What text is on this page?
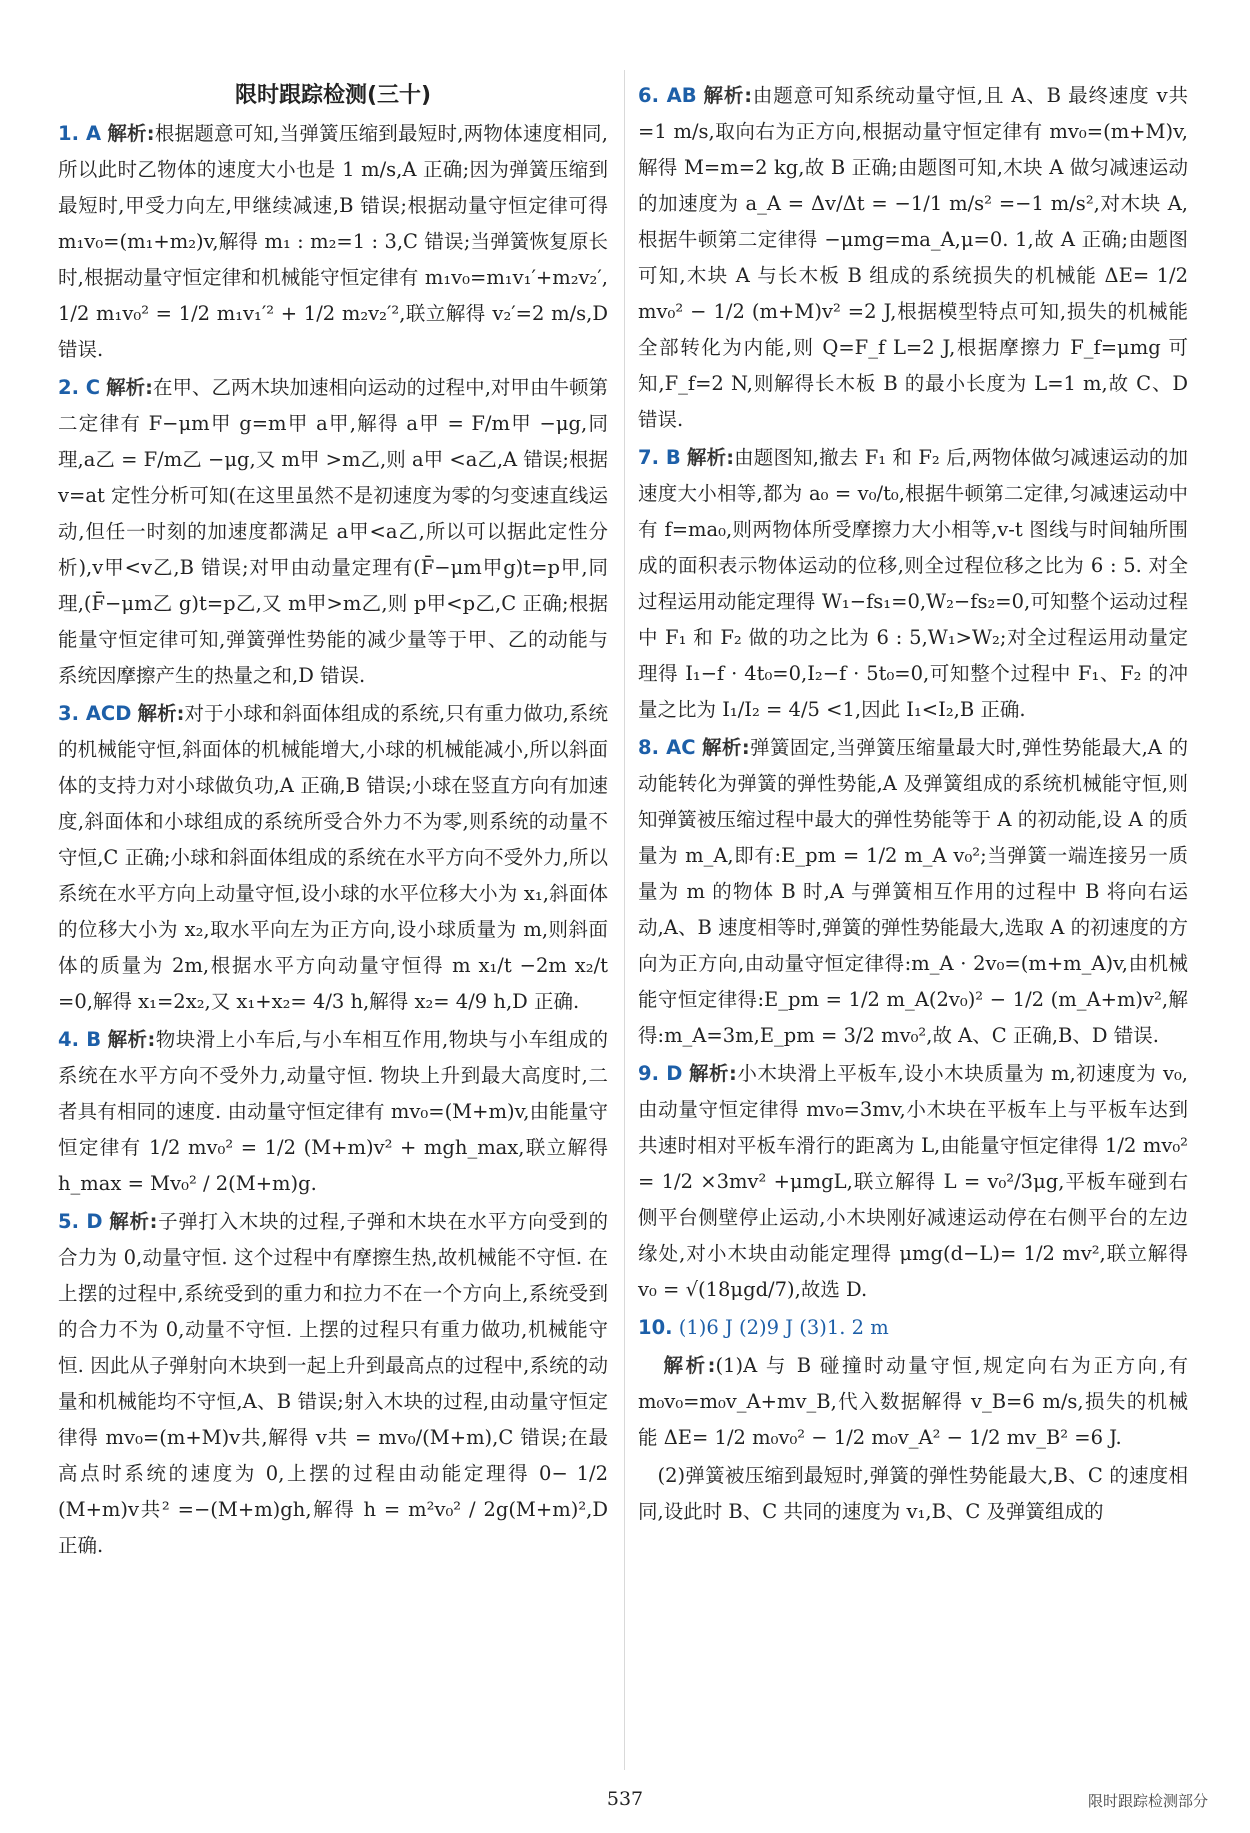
限时跟踪检测(三十)
1. A 解析:根据题意可知,当弹簧压缩到最短时,两物体速度相同,所以此时乙物体的速度大小也是 1 m/s,A 正确;因为弹簧压缩到最短时,甲受力向左,甲继续减速,B 错误;根据动量守恒定律可得 m₁v₀=(m₁+m₂)v,解得 m₁ : m₂=1 : 3,C 错误;当弹簧恢复原长时,根据动量守恒定律和机械能守恒定律有 m₁v₀=m₁v₁′+m₂v₂′, 1/2 m₁v₀² = 1/2 m₁v₁′² + 1/2 m₂v₂′²,联立解得 v₂′=2 m/s,D 错误.
2. C 解析:在甲、乙两木块加速相向运动的过程中,对甲由牛顿第二定律有 F−μm甲 g=m甲 a甲,解得 a甲 = F/m甲 −μg,同理,a乙 = F/m乙 −μg,又 m甲 >m乙,则 a甲 <a乙,A 错误;根据 v=at 定性分析可知(在这里虽然不是初速度为零的匀变速直线运动,但任一时刻的加速度都满足 a甲<a乙,所以可以据此定性分析),v甲<v乙,B 错误;对甲由动量定理有(F̄−μm甲g)t=p甲,同理,(F̄−μm乙 g)t=p乙,又 m甲>m乙,则 p甲<p乙,C 正确;根据能量守恒定律可知,弹簧弹性势能的减少量等于甲、乙的动能与系统因摩擦产生的热量之和,D 错误.
3. ACD 解析:对于小球和斜面体组成的系统,只有重力做功,系统的机械能守恒,斜面体的机械能增大,小球的机械能减小,所以斜面体的支持力对小球做负功,A 正确,B 错误;小球在竖直方向有加速度,斜面体和小球组成的系统所受合外力不为零,则系统的动量不守恒,C 正确;小球和斜面体组成的系统在水平方向不受外力,所以系统在水平方向上动量守恒,设小球的水平位移大小为 x₁,斜面体的位移大小为 x₂,取水平向左为正方向,设小球质量为 m,则斜面体的质量为 2m,根据水平方向动量守恒得 m x₁/t −2m x₂/t =0,解得 x₁=2x₂,又 x₁+x₂= 4/3 h,解得 x₂= 4/9 h,D 正确.
4. B 解析:物块滑上小车后,与小车相互作用,物块与小车组成的系统在水平方向不受外力,动量守恒. 物块上升到最大高度时,二者具有相同的速度. 由动量守恒定律有 mv₀=(M+m)v,由能量守恒定律有 1/2 mv₀² = 1/2 (M+m)v² + mgh_max,联立解得 h_max = Mv₀² / 2(M+m)g.
5. D 解析:子弹打入木块的过程,子弹和木块在水平方向受到的合力为 0,动量守恒. 这个过程中有摩擦生热,故机械能不守恒. 在上摆的过程中,系统受到的重力和拉力不在一个方向上,系统受到的合力不为 0,动量不守恒. 上摆的过程只有重力做功,机械能守恒. 因此从子弹射向木块到一起上升到最高点的过程中,系统的动量和机械能均不守恒,A、B 错误;射入木块的过程,由动量守恒定律得 mv₀=(m+M)v共,解得 v共 = mv₀/(M+m),C 错误;在最高点时系统的速度为 0,上摆的过程由动能定理得 0− 1/2 (M+m)v共² =−(M+m)gh,解得 h = m²v₀² / 2g(M+m)²,D 正确.
6. AB 解析:由题意可知系统动量守恒,且 A、B 最终速度 v共 =1 m/s,取向右为正方向,根据动量守恒定律有 mv₀=(m+M)v,解得 M=m=2 kg,故 B 正确;由题图可知,木块 A 做匀减速运动的加速度为 a_A = Δv/Δt = −1/1 m/s² =−1 m/s²,对木块 A,根据牛顿第二定律得 −μmg=ma_A,μ=0. 1,故 A 正确;由题图可知,木块 A 与长木板 B 组成的系统损失的机械能 ΔE= 1/2 mv₀² − 1/2 (m+M)v² =2 J,根据模型特点可知,损失的机械能全部转化为内能,则 Q=F_f L=2 J,根据摩擦力 F_f=μmg 可知,F_f=2 N,则解得长木板 B 的最小长度为 L=1 m,故 C、D 错误.
7. B 解析:由题图知,撤去 F₁ 和 F₂ 后,两物体做匀减速运动的加速度大小相等,都为 a₀ = v₀/t₀,根据牛顿第二定律,匀减速运动中有 f=ma₀,则两物体所受摩擦力大小相等,v-t 图线与时间轴所围成的面积表示物体运动的位移,则全过程位移之比为 6 : 5. 对全过程运用动能定理得 W₁−fs₁=0,W₂−fs₂=0,可知整个运动过程中 F₁ 和 F₂ 做的功之比为 6 : 5,W₁>W₂;对全过程运用动量定理得 I₁−f · 4t₀=0,I₂−f · 5t₀=0,可知整个过程中 F₁、F₂ 的冲量之比为 I₁/I₂ = 4/5 <1,因此 I₁<I₂,B 正确.
8. AC 解析:弹簧固定,当弹簧压缩量最大时,弹性势能最大,A 的动能转化为弹簧的弹性势能,A 及弹簧组成的系统机械能守恒,则知弹簧被压缩过程中最大的弹性势能等于 A 的初动能,设 A 的质量为 m_A,即有:E_pm = 1/2 m_A v₀²;当弹簧一端连接另一质量为 m 的物体 B 时,A 与弹簧相互作用的过程中 B 将向右运动,A、B 速度相等时,弹簧的弹性势能最大,选取 A 的初速度的方向为正方向,由动量守恒定律得:m_A · 2v₀=(m+m_A)v,由机械能守恒定律得:E_pm = 1/2 m_A(2v₀)² − 1/2 (m_A+m)v²,解得:m_A=3m,E_pm = 3/2 mv₀²,故 A、C 正确,B、D 错误.
9. D 解析:小木块滑上平板车,设小木块质量为 m,初速度为 v₀,由动量守恒定律得 mv₀=3mv,小木块在平板车上与平板车达到共速时相对平板车滑行的距离为 L,由能量守恒定律得 1/2 mv₀² = 1/2 ×3mv² +μmgL,联立解得 L = v₀²/3μg,平板车碰到右侧平台侧壁停止运动,小木块刚好减速运动停在右侧平台的左边缘处,对小木块由动能定理得 μmg(d−L)= 1/2 mv²,联立解得 v₀ = √(18μgd/7),故选 D.
10. (1)6 J (2)9 J (3)1. 2 m
解析:(1)A 与 B 碰撞时动量守恒,规定向右为正方向,有 m₀v₀=m₀v_A+mv_B,代入数据解得 v_B=6 m/s,损失的机械能 ΔE= 1/2 m₀v₀² − 1/2 m₀v_A² − 1/2 mv_B² =6 J.
(2)弹簧被压缩到最短时,弹簧的弹性势能最大,B、C 的速度相同,设此时 B、C 共同的速度为 v₁,B、C 及弹簧组成的
537	限时跟踪检测部分
